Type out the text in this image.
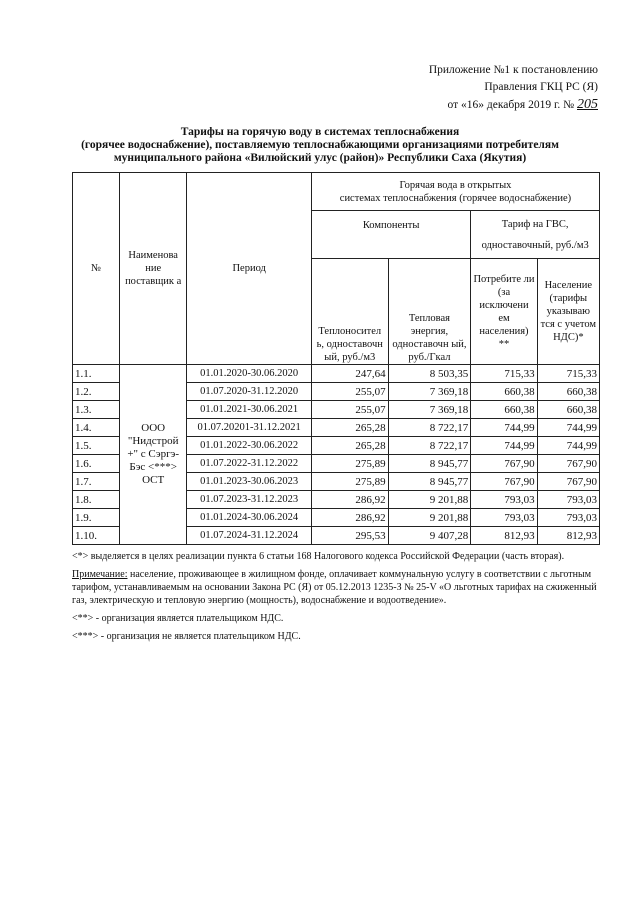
Приложение №1 к постановлению
Правления ГКЦ РС (Я)
от «16» декабря 2019 г. № 205
Тарифы на горячую воду в системах теплоснабжения
(горячее водоснабжение), поставляемую теплоснабжающими организациями потребителям
муниципального района «Вилюйский улус (район)» Республики Саха (Якутия)
№	Наименова ние поставщик а	Период	Горячая вода в открытых
системах теплоснабжения (горячее водоснабжение)			

			Компоненты		Тариф на ГВС,
одноставочный, руб./м3	

			Теплоносител ь, одноставочн ый, руб./м3	Тепловая энергия, одноставочн ый, руб./Гкал	Потребите ли (за исключени ем населения) **	Население (тарифы указываю тся с учетом НДС)*
1.1.	ООО "Нидстрой +" с Сэргэ- Бэс <***> ОСТ	01.01.2020-30.06.2020	247,64	8 503,35	715,33	715,33
1.2.		01.07.2020-31.12.2020	255,07	7 369,18	660,38	660,38
1.3.		01.01.2021-30.06.2021	255,07	7 369,18	660,38	660,38
1.4.		01.07.20201-31.12.2021	265,28	8 722,17	744,99	744,99
1.5.		01.01.2022-30.06.2022	265,28	8 722,17	744,99	744,99
1.6.		01.07.2022-31.12.2022	275,89	8 945,77	767,90	767,90
1.7.		01.01.2023-30.06.2023	275,89	8 945,77	767,90	767,90
1.8.		01.07.2023-31.12.2023	286,92	9 201,88	793,03	793,03
1.9.		01.01.2024-30.06.2024	286,92	9 201,88	793,03	793,03
1.10.		01.07.2024-31.12.2024	295,53	9 407,28	812,93	812,93

<*> выделяется в целях реализации пункта 6 статьи 168 Налогового кодекса Российской Федерации (часть вторая).

Примечание: население, проживающее в жилищном фонде, оплачивает коммунальную услугу в соответствии с льготным тарифом, устанавливаемым на основании Закона РС (Я) от 05.12.2013 1235-З № 25-V «О льготных тарифах на сжиженный газ, электрическую и тепловую энергию (мощность), водоснабжение и водоотведение».

<**> - организация является плательщиком НДС.

<***> - организация не является плательщиком НДС.
